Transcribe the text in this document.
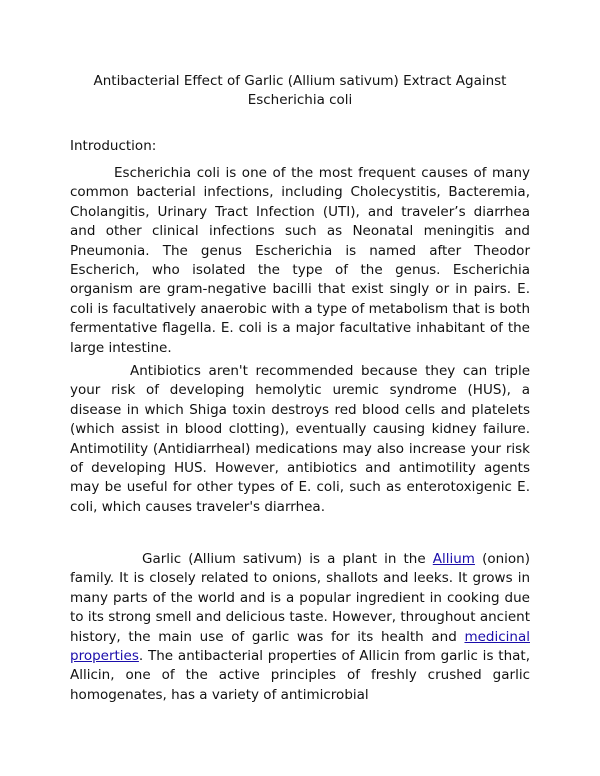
Antibacterial Effect of Garlic (Allium sativum) Extract Against
Escherichia coli

Introduction:

Escherichia coli is one of the most frequent causes of many common bacterial infections, including Cholecystitis, Bacteremia, Cholangitis, Urinary Tract Infection (UTI), and traveler’s diarrhea and other clinical infections such as Neonatal meningitis and Pneumonia. The genus Escherichia is named after Theodor Escherich, who isolated the type of the genus. Escherichia organism are gram-negative bacilli that exist singly or in pairs. E. coli is facultatively anaerobic with a type of metabolism that is both fermentative flagella. E. coli is a major facultative inhabitant of the large intestine.

Antibiotics aren't recommended because they can triple your risk of developing hemolytic uremic syndrome (HUS), a disease in which Shiga toxin destroys red blood cells and platelets (which assist in blood clotting), eventually causing kidney failure. Antimotility (Antidiarrheal) medications may also increase your risk of developing HUS. However, antibiotics and antimotility agents may be useful for other types of E. coli, such as enterotoxigenic E. coli, which causes traveler's diarrhea.

Garlic (Allium sativum) is a plant in the Allium (onion) family. It is closely related to onions, shallots and leeks. It grows in many parts of the world and is a popular ingredient in cooking due to its strong smell and delicious taste. However, throughout ancient history, the main use of garlic was for its health and medicinal properties. The antibacterial properties of Allicin from garlic is that, Allicin, one of the active principles of freshly crushed garlic homogenates, has a variety of antimicrobial
